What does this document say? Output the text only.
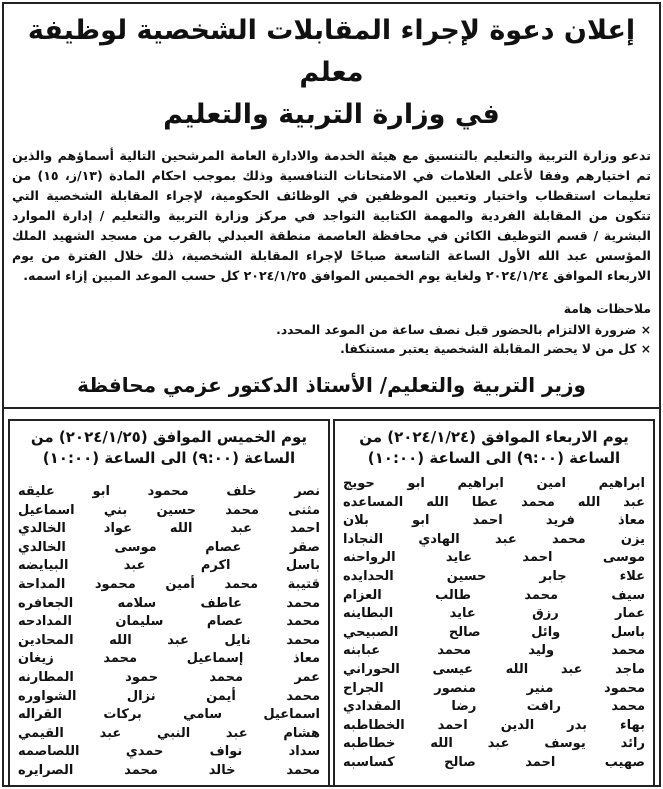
إعلان دعوة لإجراء المقابلات الشخصية لوظيفة معلم
في وزارة التربية والتعليم
تدعو وزارة التربية والتعليم بالتنسيق مع هيئة الخدمة والادارة العامة المرشحين التالية أسماؤهم والذين تم اختيارهم وفقا لأعلى العلامات في الامتحانات التنافسية وذلك بموجب احكام المادة (١٣/ز، ١٥) من تعليمات استقطاب واختيار وتعيين الموظفين في الوظائف الحكومية، لإجراء المقابلة الشخصية التي تتكون من المقابلة الفردية والمهمة الكتابية التواجد في مركز وزارة التربية والتعليم / إدارة الموارد البشرية / قسم التوظيف الكائن في محافظة العاصمة منطقة العبدلي بالقرب من مسجد الشهيد الملك المؤسس عبد الله الأول الساعة التاسعة صباحًا لإجراء المقابلة الشخصية، ذلك خلال الفترة من يوم الاربعاء الموافق ٢٠٢٤/١/٢٤ ولغاية يوم الخميس الموافق ٢٠٢٤/١/٢٥ كل حسب الموعد المبين إزاء اسمه.
ملاحظات هامة
× ضرورة الالتزام بالحضور قبل نصف ساعة من الموعد المحدد.
× كل من لا يحضر المقابلة الشخصية يعتبر مستنكفا.
وزير التربية والتعليم/ الأستاذ الدكتور عزمي محافظة
يوم الاربعاء الموافق (٢٠٢٤/١/٢٤) من
الساعة (٩:٠٠) الى الساعة (١٠:٠٠)
ابراهيم امين ابراهيم ابو حويج
عبد الله محمد عطا الله المساعده
معاذ فريد احمد ابو بلان
يزن محمد عبد الهادي النجادا
موسى احمد عايد الرواحنه
علاء جابر حسين الحدايده
سيف محمد طالب العزام
عمار رزق عايد البطاينه
باسل وائل صالح الصبيحي
محمد وليد محمد عبابنه
ماجد عبد الله عيسى الحوراني
محمود منير منصور الجراح
محمد رافت رضا المقدادي
بهاء بدر الدين احمد الخطاطبه
رائد يوسف عبد الله خطاطبه
صهيب احمد صالح كساسبه
يوم الخميس الموافق (٢٠٢٤/١/٢٥) من
الساعة (٩:٠٠) الى الساعة (١٠:٠٠)
نصر خلف محمود ابو عليقه
مثنى محمد حسين بني اسماعيل
احمد عبد الله عواد الخالدي
صقر عصام موسى الخالدي
باسل اكرم عبد البيايضه
قتيبة محمد أمين محمود المداحة
محمد عاطف سلامه الجعافره
محمد عصام سليمان المدادحه
محمد نايل عبد الله المحادين
معاذ إسماعيل محمد زيغان
عمر محمد حمود المطارنه
محمد أيمن نزال الشواوره
اسماعيل سامي بركات القراله
هشام عبد النبي عبد القيمي
سداد نواف حمدي اللصاصمه
محمد خالد محمد الصرايره
